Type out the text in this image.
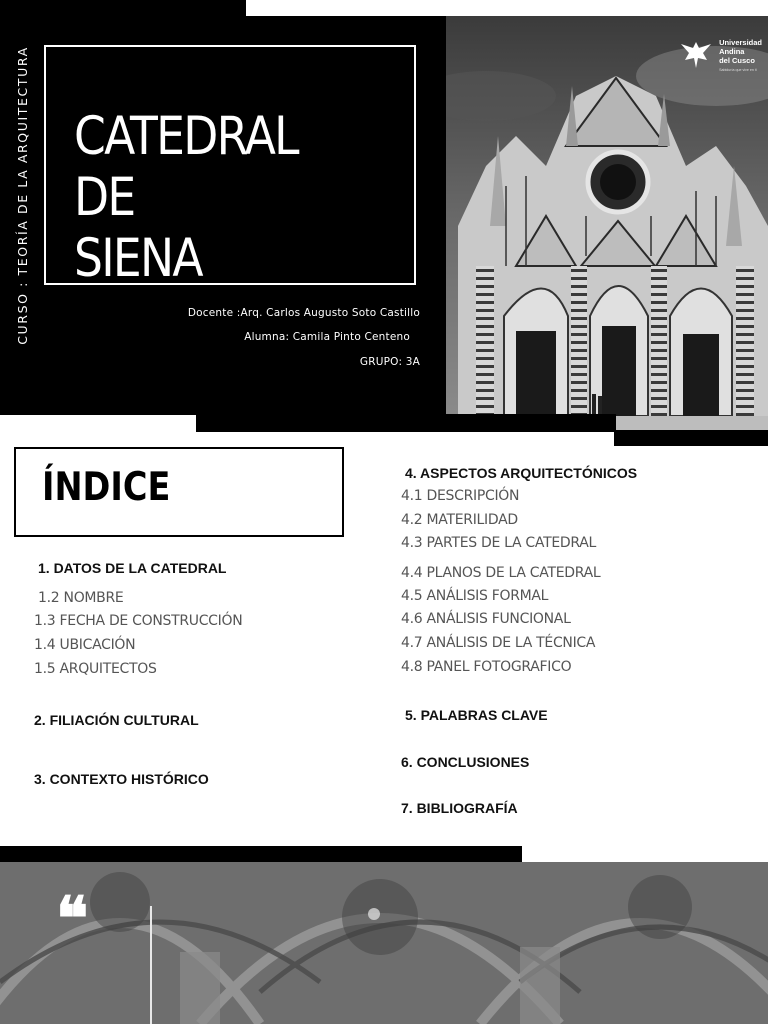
CURSO : TEORÍA DE LA ARQUITECTURA CATEDRAL DE
SIENA
Docente :Arq. Carlos Augusto Soto Castillo
Alumna: Camila Pinto Centeno
GRUPO: 3A
Universidad
Andina
del Cusco
Sabiduría que vive en ti
ÍNDICE
1. DATOS DE LA CATEDRAL
1.2 NOMBRE
1.3 FECHA DE CONSTRUCCIÓN
1.4 UBICACIÓN
1.5 ARQUITECTOS
2. FILIACIÓN CULTURAL
3. CONTEXTO HISTÓRICO
4. ASPECTOS ARQUITECTÓNICOS
4.1 DESCRIPCIÓN
4.2 MATERILIDAD
4.3 PARTES DE LA CATEDRAL
4.4 PLANOS DE LA CATEDRAL
4.5 ANÁLISIS FORMAL
4.6 ANÁLISIS FUNCIONAL
4.7 ANÁLISIS DE LA TÉCNICA
4.8 PANEL FOTOGRAFICO
5. PALABRAS CLAVE
6. CONCLUSIONES
7. BIBLIOGRAFÍA
❝
